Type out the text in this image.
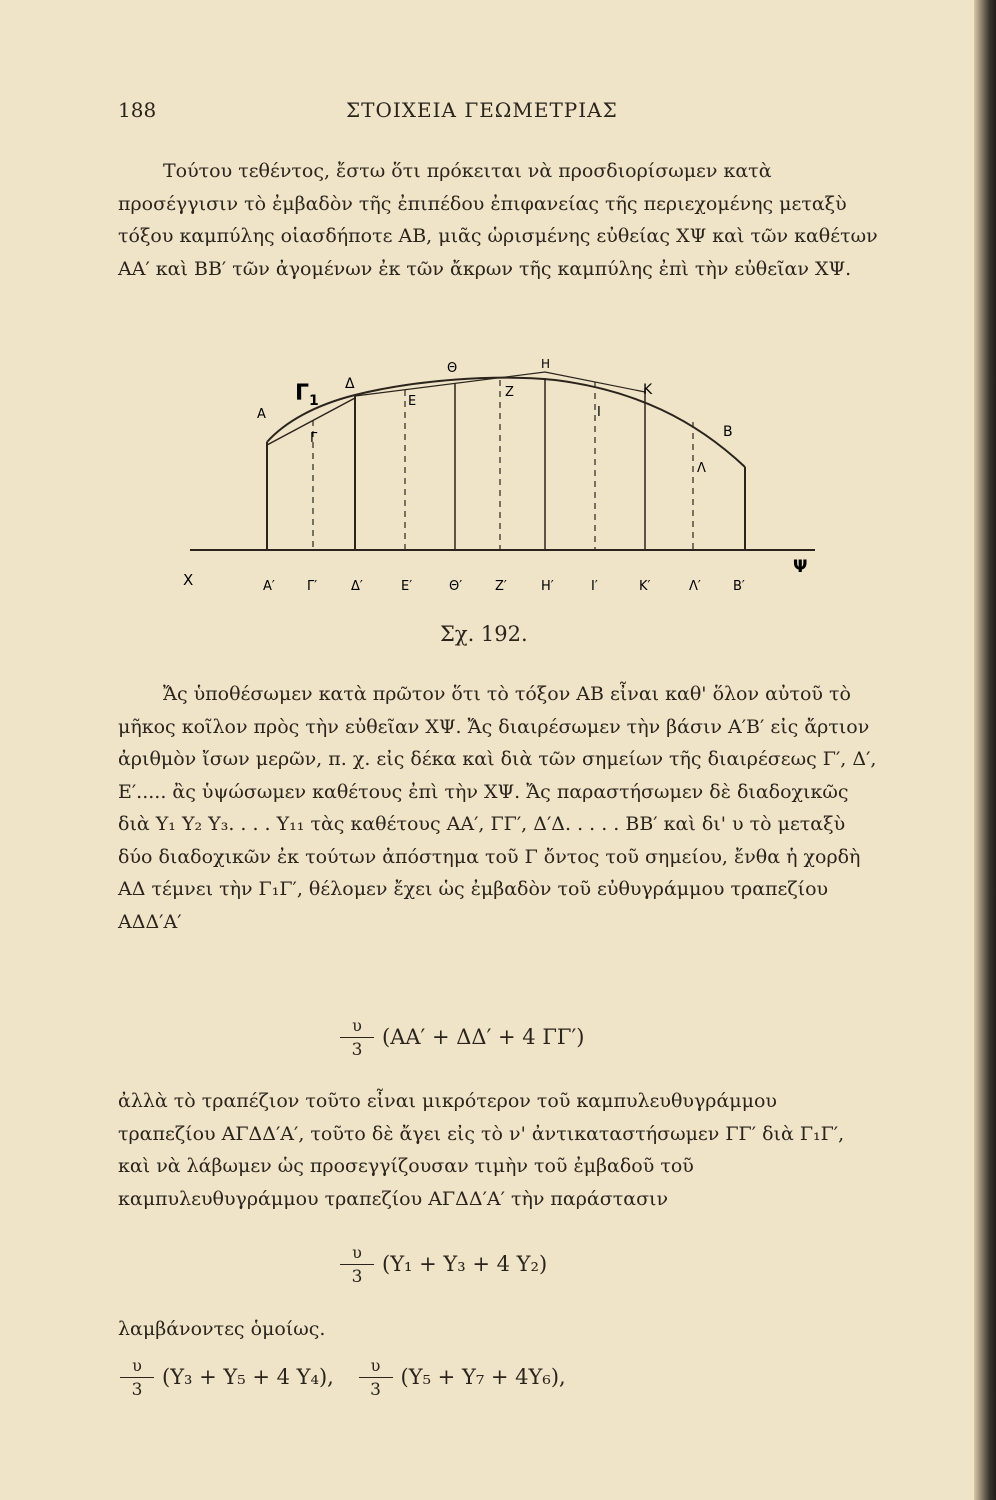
188	ΣΤΟΙΧΕΙΑ ΓΕΩΜΕΤΡΙΑΣ

Τούτου τεθέντος, ἔστω ὅτι πρόκειται νὰ προσδιορίσωμεν κατὰ προσέγγισιν τὸ ἐμβαδὸν τῆς ἐπιπέδου ἐπιφανείας τῆς περιεχομένης μεταξὺ τόξου καμπύλης οἱασδήποτε ΑΒ, μιᾶς ὡρισμένης εὐθείας ΧΨ καὶ τῶν καθέτων ΑΑ′ καὶ ΒΒ′ τῶν ἀγομένων ἐκ τῶν ἄκρων τῆς καμπύλης ἐπὶ τὴν εὐθεῖαν ΧΨ.

Γ 1
Δ
Θ	Η
Κ
Β
Α
Ε
Ζ
Ι
Λ
Γ
Χ	Α′ Γ′	Δ′	Ε′	Θ′	Ζ′	Η′	Ι′	Κ′	Λ′ Β′
Ψ
Σχ. 192.

Ἄς ὑποθέσωμεν κατὰ πρῶτον ὅτι τὸ τόξον ΑΒ εἶναι καθ' ὅλον αὐτοῦ τὸ μῆκος κοῖλον πρὸς τὴν εὐθεῖαν ΧΨ. Ἄς διαιρέσωμεν τὴν βάσιν Α′Β′ εἰς ἄρτιον ἀριθμὸν ἴσων μερῶν, π. χ. εἰς δέκα καὶ διὰ τῶν σημείων τῆς διαιρέσεως Γ′, Δ′, Ε′..... ἂς ὑψώσωμεν καθέτους ἐπὶ τὴν ΧΨ. Ἄς παραστήσωμεν δὲ διαδοχικῶς διὰ Υ₁ Υ₂ Υ₃. . . . Υ₁₁ τὰς καθέτους ΑΑ′, ΓΓ′, Δ′Δ. . . . . ΒΒ′ καὶ δι' υ τὸ μεταξὺ δύο διαδοχικῶν ἐκ τούτων ἀπόστημα τοῦ Γ ὄντος τοῦ σημείου, ἔνθα ἡ χορδὴ ΑΔ τέμνει τὴν Γ₁Γ′, θέλομεν ἔχει ὡς ἐμβαδὸν τοῦ εὐθυγράμμου τραπεζίου ΑΔΔ′Α′

$\frac{\upsilon}{3} (AA' + \Delta\Delta' + 4$ ΓΓ′)

ἀλλὰ τὸ τραπέζιον τοῦτο εἶναι μικρότερον τοῦ καμπυλευθυγράμμου τραπεζίου ΑΓΔΔ′Α′, τοῦτο δὲ ἄγει εἰς τὸ ν' ἀντικαταστήσωμεν ΓΓ′ διὰ Γ₁Γ′, καὶ νὰ λάβωμεν ὡς προσεγγίζουσαν τιμὴν τοῦ ἐμβαδοῦ τοῦ καμπυλευθυγράμμου τραπεζίου ΑΓΔΔ′Α′ τὴν παράστασιν

$\frac{\upsilon}{3} (\Upsilon_1 + \Upsilon_3 + 4$ Υ₂)

λαμβάνοντες ὁμοίως.

$\frac{\upsilon}{3} (\Upsilon_3 + \Upsilon_5 + 4$ Υ₄), $\frac{\upsilon}{3} (\Upsilon_5 + \Upsilon_7 + 4\Upsilon_6)$,
